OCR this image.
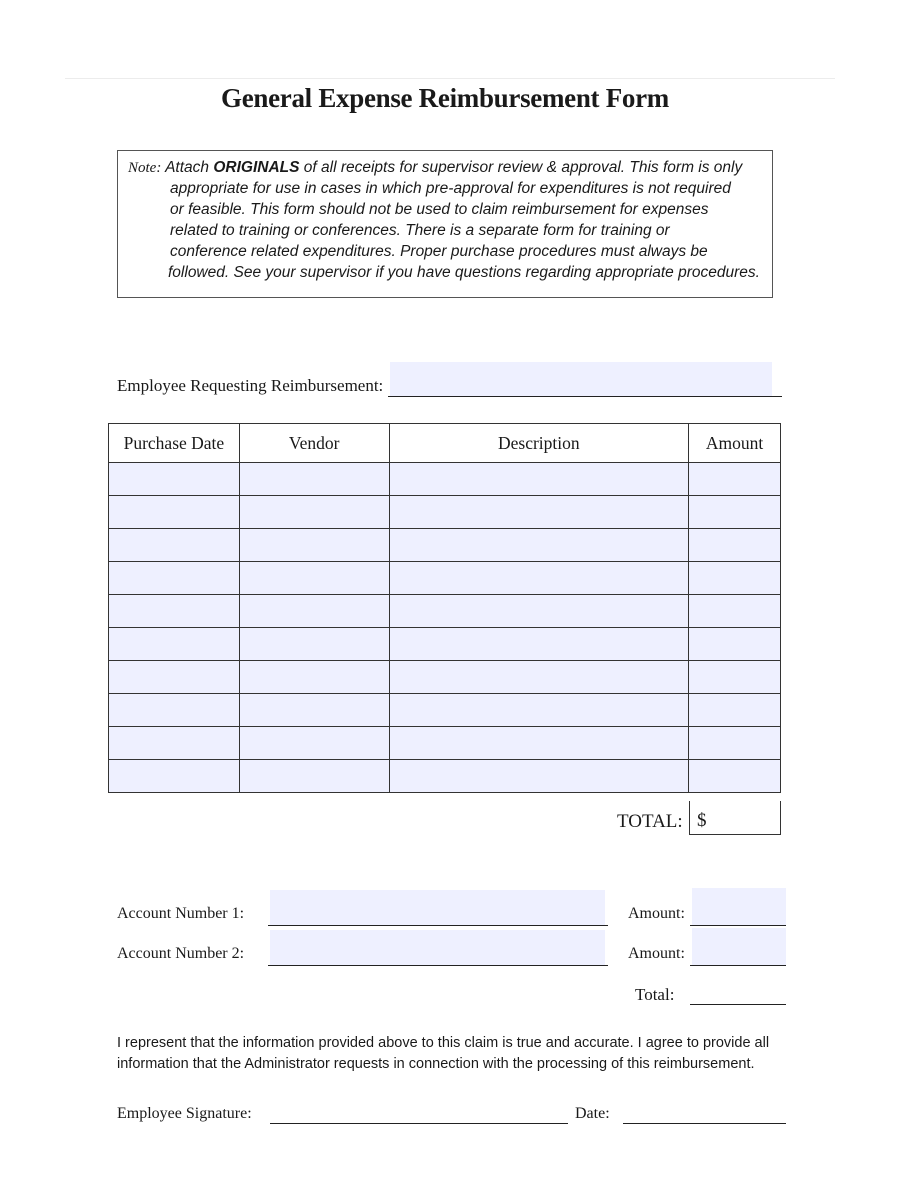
General Expense Reimbursement Form
Note: Attach ORIGINALS of all receipts for supervisor review & approval. This form is only
appropriate for use in cases in which pre-approval for expenditures is not required
or feasible. This form should not be used to claim reimbursement for expenses
related to training or conferences. There is a separate form for training or
conference related expenditures. Proper purchase procedures must always be
followed. See your supervisor if you have questions regarding appropriate procedures.
Employee Requesting Reimbursement:
Purchase Date	Vendor	Description	Amount

TOTAL: $
Account Number 1:	Amount:
Account Number 2:	Amount:
Total:
I represent that the information provided above to this claim is true and accurate. I agree to provide all
information that the Administrator requests in connection with the processing of this reimbursement.
Employee Signature:	Date:
